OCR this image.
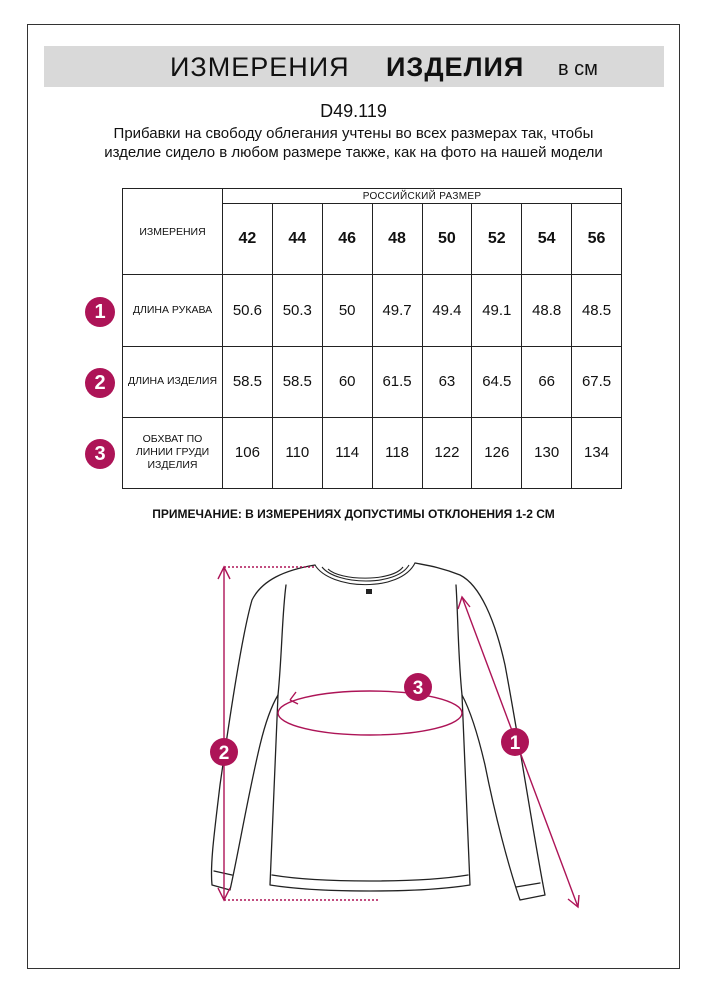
ИЗМЕРЕНИЯ ИЗДЕЛИЯ в см
D49.119
Прибавки на свободу облегания учтены во всех размерах так, чтобы изделие сидело в любом размере также, как на фото на нашей модели
ИЗМЕРЕНИЯ	РОССИЙСКИЙ РАЗМЕР							
	42	44	46	48	50	52	54	56
ДЛИНА РУКАВА	50.6	50.3	50	49.7	49.4	49.1	48.8	48.5
ДЛИНА ИЗДЕЛИЯ	58.5	58.5	60	61.5	63	64.5	66	67.5
ОБХВАТ ПО ЛИНИИ ГРУДИ ИЗДЕЛИЯ	106	110	114	118	122	126	130	134
1
2
3
ПРИМЕЧАНИЕ: В ИЗМЕРЕНИЯХ ДОПУСТИМЫ ОТКЛОНЕНИЯ 1-2 СМ
2
3
1
